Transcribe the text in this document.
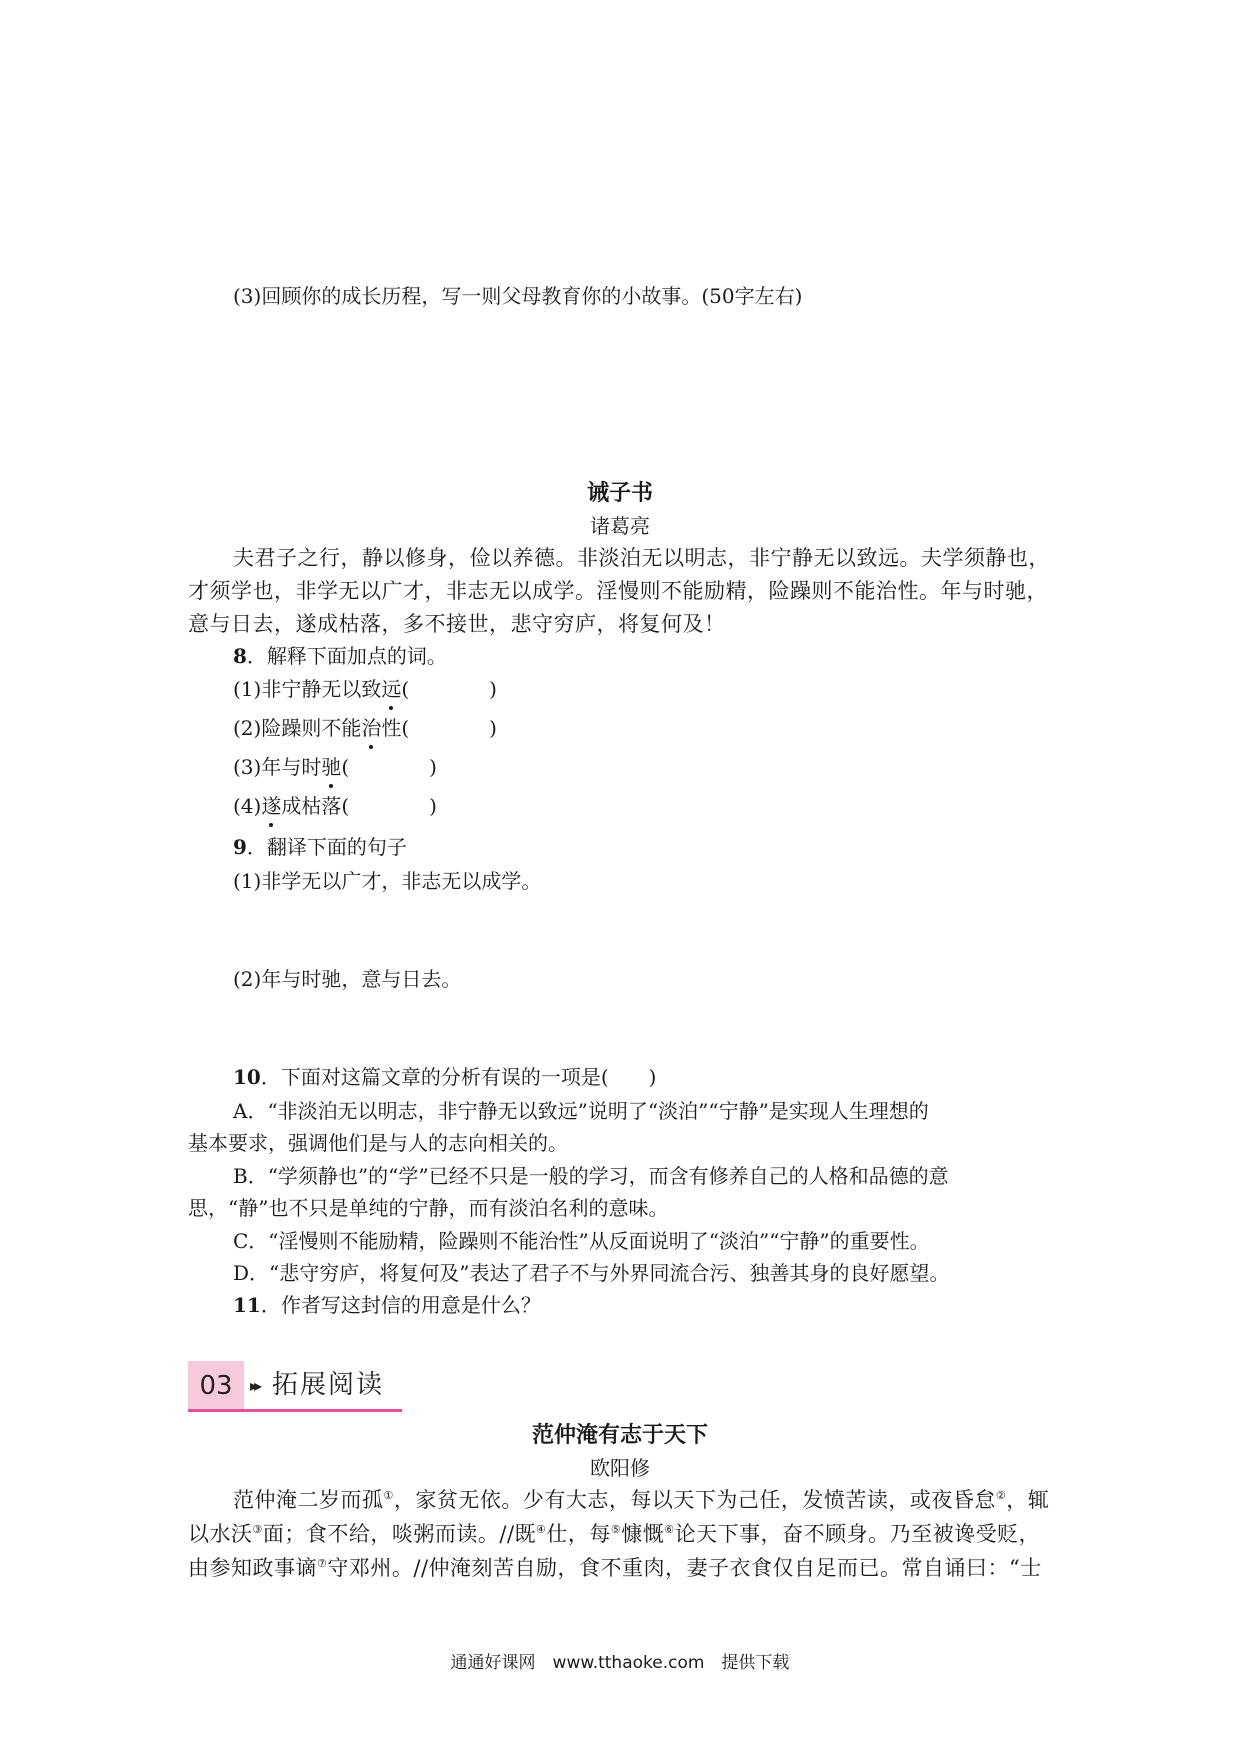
(3)回顾你的成长历程，写一则父母教育你的小故事。(50字左右)
诫子书
诸葛亮
夫君子之行，静以修身，俭以养德。非淡泊无以明志，非宁静无以致远。夫学须静也，
才须学也，非学无以广才，非志无以成学。淫慢则不能励精，险躁则不能治性。年与时驰，
意与日去，遂成枯落，多不接世，悲守穷庐，将复何及！
8．解释下面加点的词。
(1)非宁静无以致远(　　　　)
(2)险躁则不能治性(　　　　)
(3)年与时驰(　　　　)
(4)遂成枯落(　　　　)
9．翻译下面的句子
(1)非学无以广才，非志无以成学。
(2)年与时驰，意与日去。
10．下面对这篇文章的分析有误的一项是(　　)
A．“非淡泊无以明志，非宁静无以致远”说明了“淡泊”“宁静”是实现人生理想的
基本要求，强调他们是与人的志向相关的。
B．“学须静也”的“学”已经不只是一般的学习，而含有修养自己的人格和品德的意
思，“静”也不只是单纯的宁静，而有淡泊名利的意味。
C．“淫慢则不能励精，险躁则不能治性”从反面说明了“淡泊”“宁静”的重要性。
D．“悲守穷庐，将复何及”表达了君子不与外界同流合污、独善其身的良好愿望。
11．作者写这封信的用意是什么？
03	▸▸ 拓展阅读
范仲淹有志于天下
欧阳修
范仲淹二岁而孤①，家贫无依。少有大志，每以天下为己任，发愤苦读，或夜昏怠②，辄
以水沃③面；食不给，啖粥而读。//既④仕，每⑤慷慨⑥论天下事，奋不顾身。乃至被谗受贬，
由参知政事谪⑦守邓州。//仲淹刻苦自励，食不重肉，妻子衣食仅自足而已。常自诵曰：“士
通通好课网　www.tthaoke.com　提供下载
